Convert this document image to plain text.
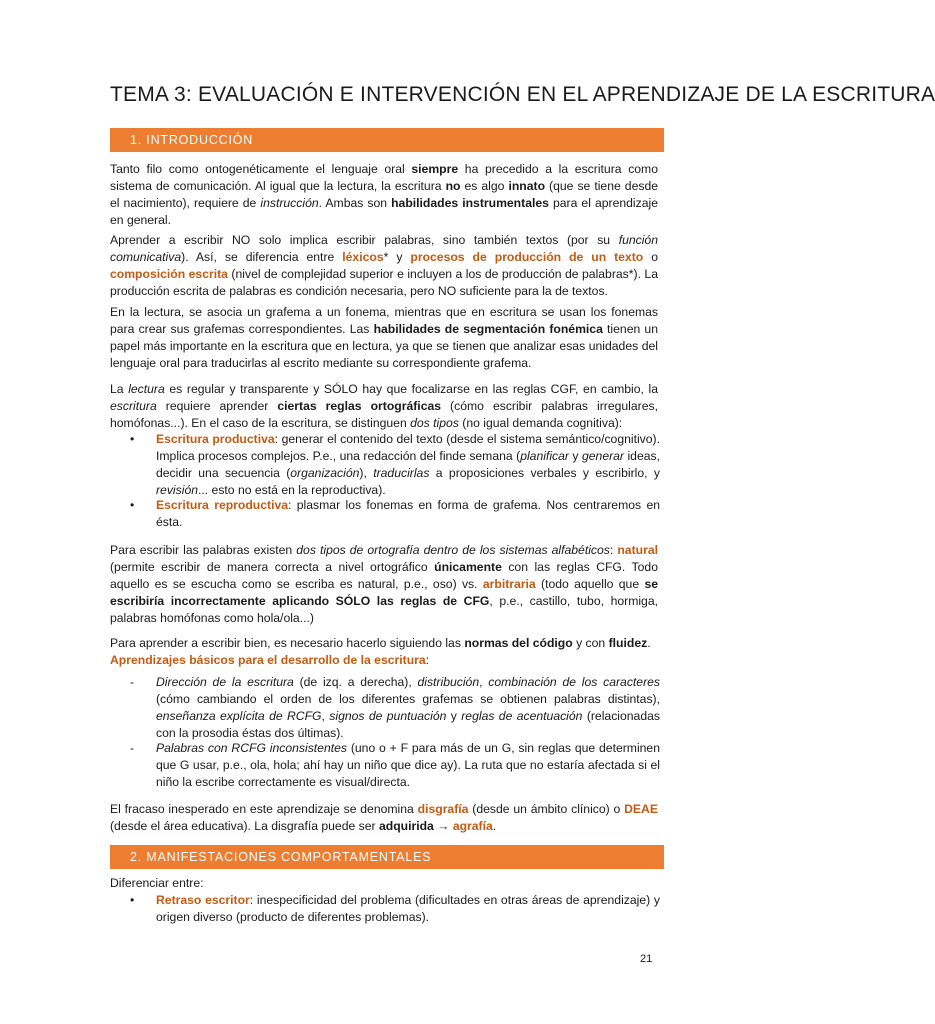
TEMA 3: EVALUACIÓN E INTERVENCIÓN EN EL APRENDIZAJE DE LA ESCRITURA
1. INTRODUCCIÓN

Tanto filo como ontogenéticamente el lenguaje oral siempre ha precedido a la escritura como sistema de comunicación. Al igual que la lectura, la escritura no es algo innato (que se tiene desde el nacimiento), requiere de instrucción. Ambas son habilidades instrumentales para el aprendizaje en general.

Aprender a escribir NO solo implica escribir palabras, sino también textos (por su función comunicativa). Así, se diferencia entre léxicos* y procesos de producción de un texto o composición escrita (nivel de complejidad superior e incluyen a los de producción de palabras*). La producción escrita de palabras es condición necesaria, pero NO suficiente para la de textos.

En la lectura, se asocia un grafema a un fonema, mientras que en escritura se usan los fonemas para crear sus grafemas correspondientes. Las habilidades de segmentación fonémica tienen un papel más importante en la escritura que en lectura, ya que se tienen que analizar esas unidades del lenguaje oral para traducirlas al escrito mediante su correspondiente grafema.

La lectura es regular y transparente y SÓLO hay que focalizarse en las reglas CGF, en cambio, la escritura requiere aprender ciertas reglas ortográficas (cómo escribir palabras irregulares, homófonas...). En el caso de la escritura, se distinguen dos tipos (no igual demanda cognitiva):

•	Escritura productiva: generar el contenido del texto (desde el sistema semántico/cognitivo). Implica procesos complejos. P.e., una redacción del finde semana (planificar y generar ideas, decidir una secuencia (organización), traducirlas a proposiciones verbales y escribirlo, y revisión... esto no está en la reproductiva).
•	Escritura reproductiva: plasmar los fonemas en forma de grafema. Nos centraremos en ésta.

Para escribir las palabras existen dos tipos de ortografía dentro de los sistemas alfabéticos: natural (permite escribir de manera correcta a nivel ortográfico únicamente con las reglas CFG. Todo aquello es se escucha como se escriba es natural, p.e., oso) vs. arbitraria (todo aquello que se escribiría incorrectamente aplicando SÓLO las reglas de CFG, p.e., castillo, tubo, hormiga, palabras homófonas como hola/ola...)

Para aprender a escribir bien, es necesario hacerlo siguiendo las normas del código y con fluidez.

Aprendizajes básicos para el desarrollo de la escritura:

-	Dirección de la escritura (de izq. a derecha), distribución, combinación de los caracteres (cómo cambiando el orden de los diferentes grafemas se obtienen palabras distintas), enseñanza explícita de RCFG, signos de puntuación y reglas de acentuación (relacionadas con la prosodia éstas dos últimas).
-	Palabras con RCFG inconsistentes (uno o + F para más de un G, sin reglas que determinen que G usar, p.e., ola, hola; ahí hay un niño que dice ay). La ruta que no estaría afectada si el niño la escribe correctamente es visual/directa.

El fracaso inesperado en este aprendizaje se denomina disgrafía (desde un ámbito clínico) o DEAE (desde el área educativa). La disgrafía puede ser adquirida → agrafía.

2. MANIFESTACIONES COMPORTAMENTALES

Diferenciar entre:

•	Retraso escritor: inespecificidad del problema (dificultades en otras áreas de aprendizaje) y origen diverso (producto de diferentes problemas).
21
